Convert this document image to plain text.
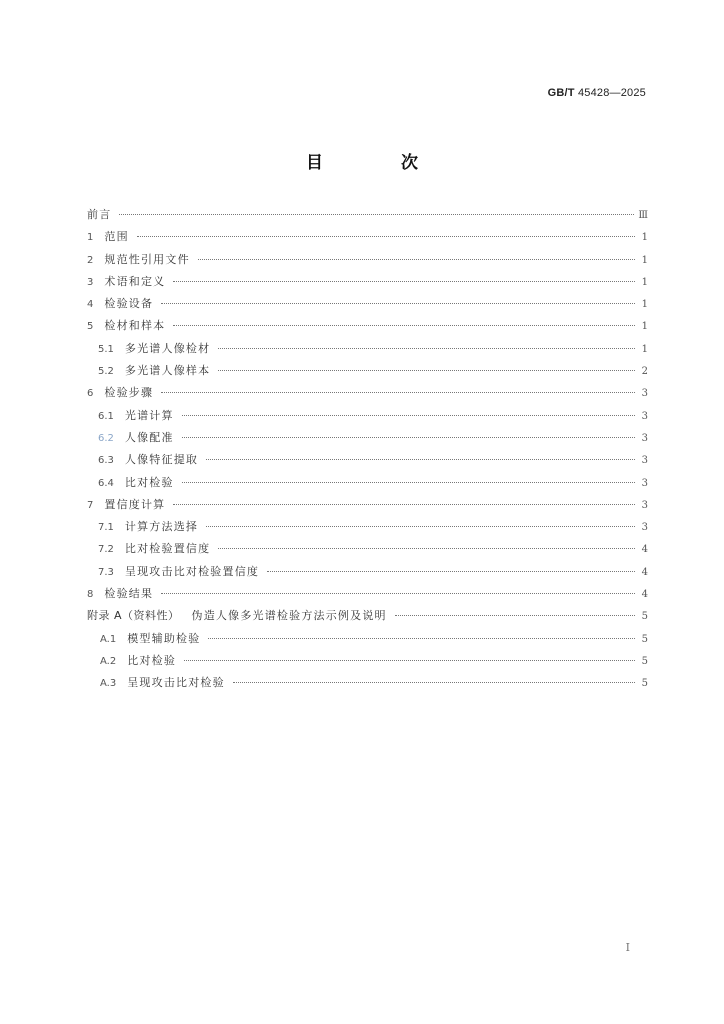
GB/T 45428—2025
目 次
前言	Ⅲ
1 范围	1
2 规范性引用文件	1
3 术语和定义	1
4 检验设备	1
5 检材和样本	1
5.1 多光谱人像检材	1
5.2 多光谱人像样本	2
6 检验步骤	3
6.1 光谱计算	3
6.2 人像配准	3
6.3 人像特征提取	3
6.4 比对检验	3
7 置信度计算	3
7.1 计算方法选择	3
7.2 比对检验置信度	4
7.3 呈现攻击比对检验置信度	4
8 检验结果	4
附录 A（资料性） 伪造人像多光谱检验方法示例及说明	5
A.1 模型辅助检验	5
A.2 比对检验	5
A.3 呈现攻击比对检验	5
I
